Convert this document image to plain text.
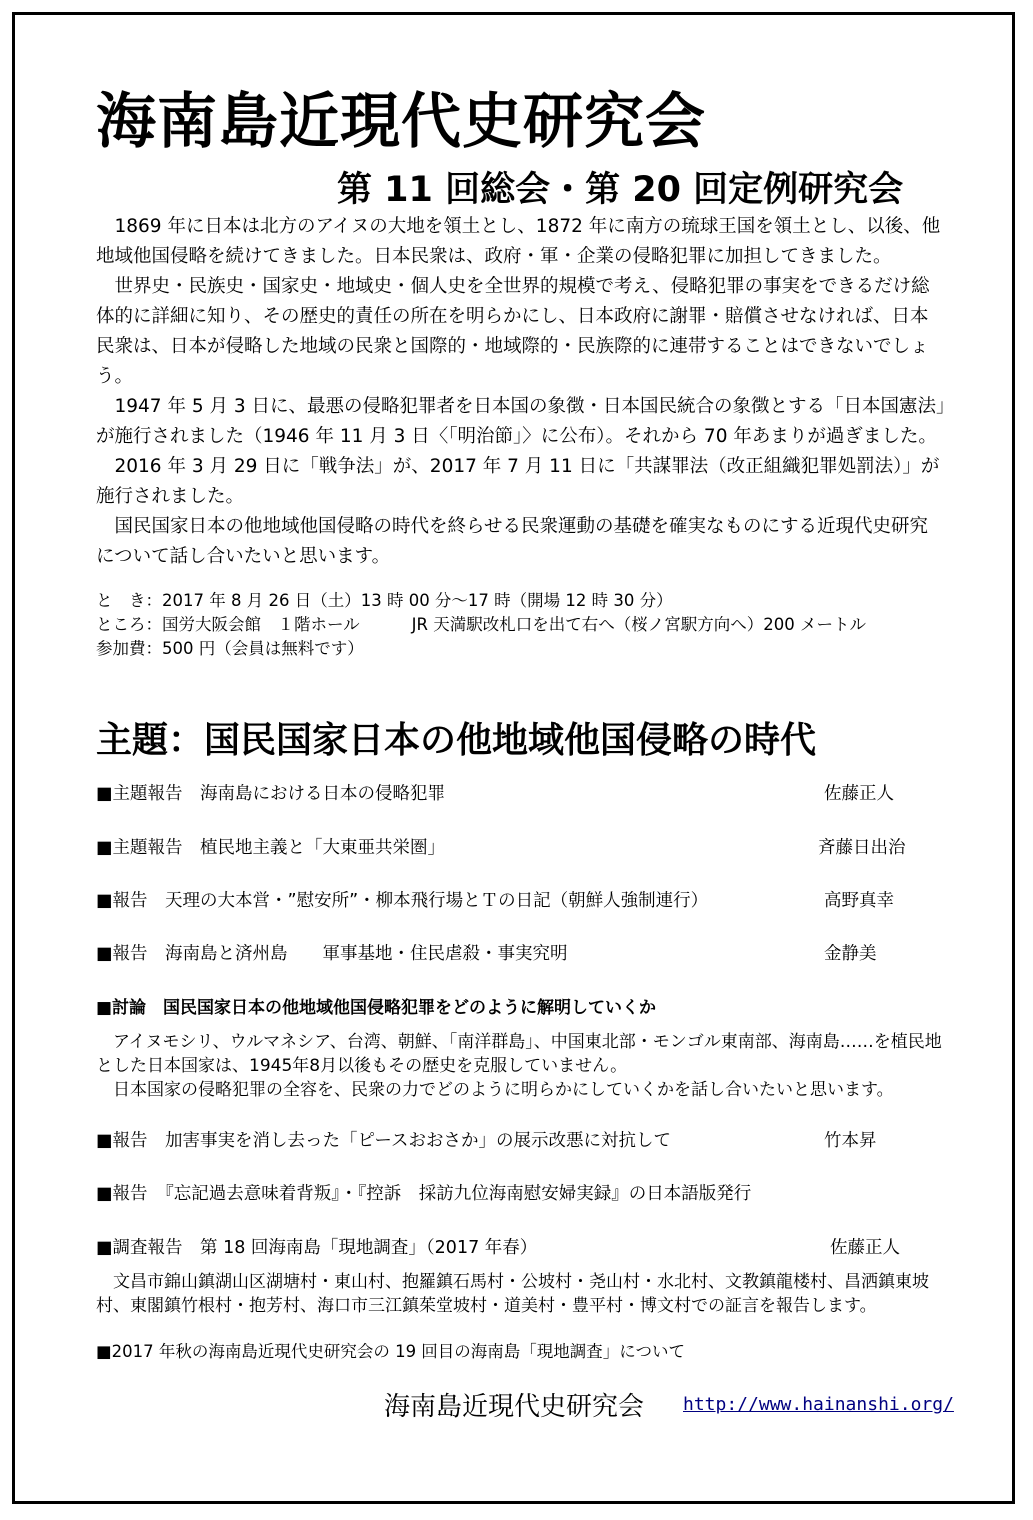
海南島近現代史研究会
第 11 回総会・第 20 回定例研究会

1869 年に日本は北方のアイヌの大地を領土とし、1872 年に南方の琉球王国を領土とし、以後、他地域他国侵略を続けてきました。日本民衆は、政府・軍・企業の侵略犯罪に加担してきました。

世界史・民族史・国家史・地域史・個人史を全世界的規模で考え、侵略犯罪の事実をできるだけ総体的に詳細に知り、その歴史的責任の所在を明らかにし、日本政府に謝罪・賠償させなければ、日本民衆は、日本が侵略した地域の民衆と国際的・地域際的・民族際的に連帯することはできないでしょう。

1947 年 5 月 3 日に、最悪の侵略犯罪者を日本国の象徴・日本国民統合の象徴とする「日本国憲法」が施行されました（1946 年 11 月 3 日〈「明治節」〉に公布）。それから 70 年あまりが過ぎました。

2016 年 3 月 29 日に「戦争法」が、2017 年 7 月 11 日に「共謀罪法（改正組織犯罪処罰法）」が施行されました。

国民国家日本の他地域他国侵略の時代を終らせる民衆運動の基礎を確実なものにする近現代史研究について話し合いたいと思います。

と　き：2017 年 8 月 26 日（土）13 時 00 分～17 時（開場 12 時 30 分）
ところ：国労大阪会館　１階ホール	JR 天満駅改札口を出て右へ（桜ノ宮駅方向へ）200 メートル
参加費：500 円（会員は無料です）
主題：国民国家日本の他地域他国侵略の時代
■主題報告　海南島における日本の侵略犯罪	佐藤正人
■主題報告　植民地主義と「大東亜共栄圏」	斉藤日出治
■報告　天理の大本営・”慰安所”・柳本飛行場とＴの日記（朝鮮人強制連行）	高野真幸
■報告　海南島と済州島　　軍事基地・住民虐殺・事実究明	金静美
■討論　国民国家日本の他地域他国侵略犯罪をどのように解明していくか

アイヌモシリ、ウルマネシア、台湾、朝鮮、「南洋群島」、中国東北部・モンゴル東南部、海南島……を植民地とした日本国家は、1945年8月以後もその歴史を克服していません。

日本国家の侵略犯罪の全容を、民衆の力でどのように明らかにしていくかを話し合いたいと思います。

■報告　加害事実を消し去った「ピースおおさか」の展示改悪に対抗して	竹本昇
■報告　『忘記過去意味着背叛』・『控訴　採訪九位海南慰安婦実録』の日本語版発行
■調査報告　第 18 回海南島「現地調査」（2017 年春）	佐藤正人

文昌市錦山鎮湖山区湖塘村・東山村、抱羅鎮石馬村・公坡村・尧山村・水北村、文教鎮龍楼村、昌洒鎮東坡村、東閣鎮竹根村・抱芳村、海口市三江鎮茱堂坡村・道美村・豊平村・博文村での証言を報告します。

■2017 年秋の海南島近現代史研究会の 19 回目の海南島「現地調査」について
海南島近現代史研究会 http://www.hainanshi.org/
